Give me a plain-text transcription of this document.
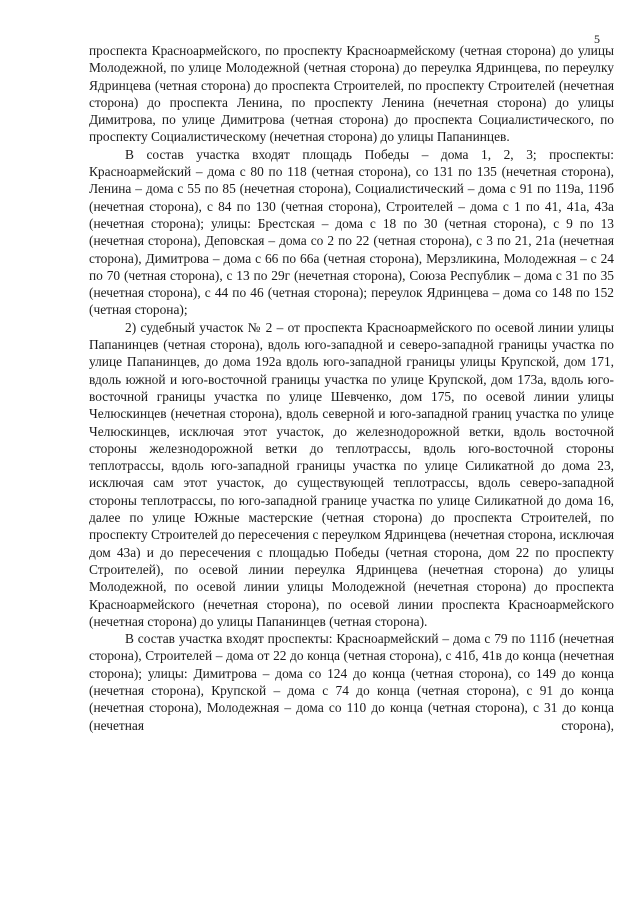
5

проспекта Красноармейского, по проспекту Красноармейскому (четная сторона) до улицы Молодежной, по улице Молодежной (четная сторона) до переулка Ядринцева, по переулку Ядринцева (четная сторона) до проспекта Строителей, по проспекту Строителей (нечетная сторона) до проспекта Ленина, по проспекту Ленина (нечетная сторона) до улицы Димитрова, по улице Димитрова (четная сторона) до проспекта Социалистического, по проспекту Социалистическому (нечетная сторона) до улицы Папанинцев.

В состав участка входят площадь Победы – дома 1, 2, 3; проспекты: Красноармейский – дома с 80 по 118 (четная сторона), со 131 по 135 (нечетная сторона), Ленина – дома с 55 по 85 (нечетная сторона), Социалистический – дома с 91 по 119а, 119б (нечетная сторона), с 84 по 130 (четная сторона), Строителей – дома с 1 по 41, 41а, 43а (нечетная сторона); улицы: Брестская – дома с 18 по 30 (четная сторона), с 9 по 13 (нечетная сторона), Деповская – дома со 2 по 22 (четная сторона), с 3 по 21, 21а (нечетная сторона), Димитрова – дома с 66 по 66а (четная сторона), Мерзликина, Молодежная – с 24 по 70 (четная сторона), с 13 по 29г (нечетная сторона), Союза Республик – дома с 31 по 35 (нечетная сторона), с 44 по 46 (четная сторона); переулок Ядринцева – дома со 148 по 152 (четная сторона);

2) судебный участок № 2 – от проспекта Красноармейского по осевой линии улицы Папанинцев (четная сторона), вдоль юго-западной и северо-западной границы участка по улице Папанинцев, до дома 192а вдоль юго-западной границы улицы Крупской, дом 171, вдоль южной и юго-восточной границы участка по улице Крупской, дом 173а, вдоль юго-восточной границы участка по улице Шевченко, дом 175, по осевой линии улицы Челюскинцев (нечетная сторона), вдоль северной и юго-западной границ участка по улице Челюскинцев, исключая этот участок, до железнодорожной ветки, вдоль восточной стороны железнодорожной ветки до теплотрассы, вдоль юго-восточной стороны теплотрассы, вдоль юго-западной границы участка по улице Силикатной до дома 23, исключая сам этот участок, до существующей теплотрассы, вдоль северо-западной стороны теплотрассы, по юго-западной границе участка по улице Силикатной до дома 16, далее по улице Южные мастерские (четная сторона) до проспекта Строителей, по проспекту Строителей до пересечения с переулком Ядринцева (нечетная сторона, исключая дом 43а) и до пересечения с площадью Победы (четная сторона, дом 22 по проспекту Строителей), по осевой линии переулка Ядринцева (нечетная сторона) до улицы Молодежной, по осевой линии улицы Молодежной (нечетная сторона) до проспекта Красноармейского (нечетная сторона), по осевой линии проспекта Красноармейского (нечетная сторона) до улицы Папанинцев (четная сторона).

В состав участка входят проспекты: Красноармейский – дома с 79 по 111б (нечетная сторона), Строителей – дома от 22 до конца (четная сторона), с 41б, 41в до конца (нечетная сторона); улицы: Димитрова – дома со 124 до конца (четная сторона), со 149 до конца (нечетная сторона), Крупской – дома с 74 до конца (четная сторона), с 91 до конца (нечетная сторона), Молодежная – дома со 110 до конца (четная сторона), с 31 до конца (нечетная сторона),
